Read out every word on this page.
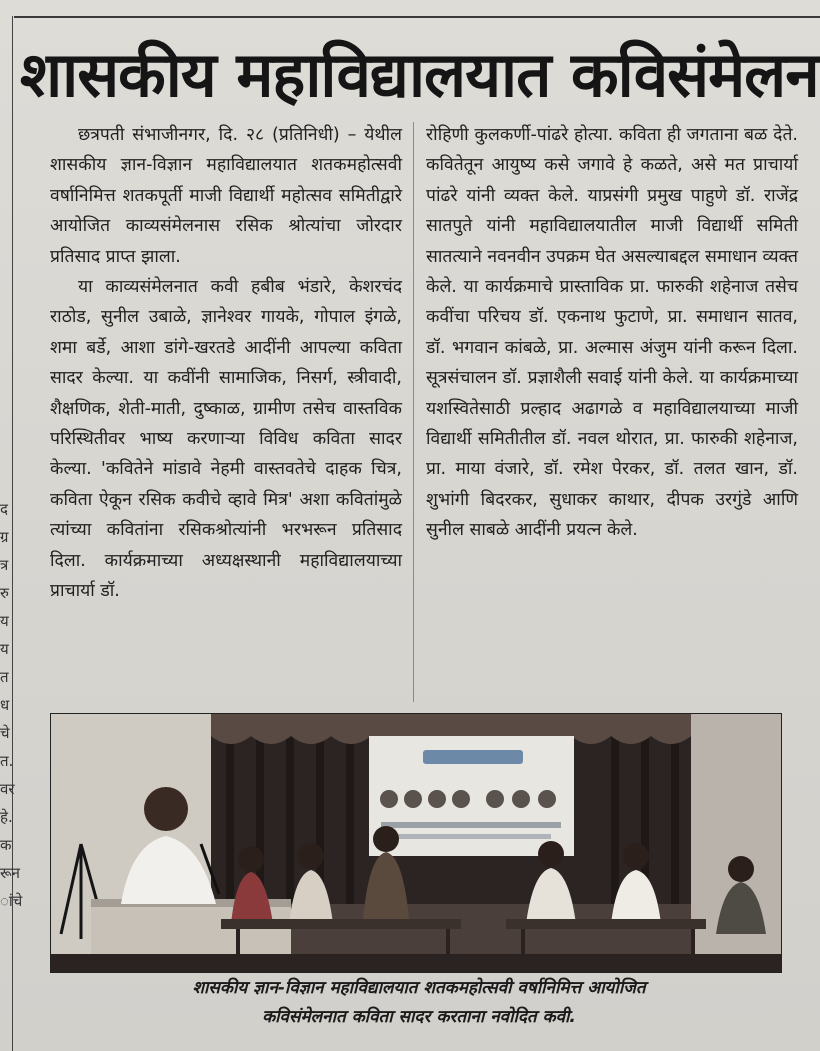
शासकीय महाविद्यालयात कविसंमेलन

छत्रपती संभाजीनगर, दि. २८ (प्रतिनिधी) – येथील शासकीय ज्ञान-विज्ञान महाविद्यालयात शतकमहोत्सवी वर्षानिमित्त शतकपूर्ती माजी विद्यार्थी महोत्सव समितीद्वारे आयोजित काव्यसंमेलनास रसिक श्रोत्यांचा जोरदार प्रतिसाद प्राप्त झाला.

या काव्यसंमेलनात कवी हबीब भंडारे, केशरचंद राठोड, सुनील उबाळे, ज्ञानेश्वर गायके, गोपाल इंगळे, शमा बर्डे, आशा डांगे-खरतडे आदींनी आपल्या कविता सादर केल्या. या कवींनी सामाजिक, निसर्ग, स्त्रीवादी, शैक्षणिक, शेती-माती, दुष्काळ, ग्रामीण तसेच वास्तविक परिस्थितीवर भाष्य करणाऱ्या विविध कविता सादर केल्या. 'कवितेने मांडावे नेहमी वास्तवतेचे दाहक चित्र, कविता ऐकून रसिक कवीचे व्हावे मित्र' अशा कवितांमुळे त्यांच्या कवितांना रसिकश्रोत्यांनी भरभरून प्रतिसाद दिला. कार्यक्रमाच्या अध्यक्षस्थानी महाविद्यालयाच्या प्राचार्या डॉ.

रोहिणी कुलकर्णी-पांढरे होत्या. कविता ही जगताना बळ देते. कवितेतून आयुष्य कसे जगावे हे कळते, असे मत प्राचार्या पांढरे यांनी व्यक्त केले. याप्रसंगी प्रमुख पाहुणे डॉ. राजेंद्र सातपुते यांनी महाविद्यालयातील माजी विद्यार्थी समिती सातत्याने नवनवीन उपक्रम घेत असल्याबद्दल समाधान व्यक्त केले. या कार्यक्रमाचे प्रास्ताविक प्रा. फारुकी शहेनाज तसेच कवींचा परिचय डॉ. एकनाथ फुटाणे, प्रा. समाधान सातव, डॉ. भगवान कांबळे, प्रा. अल्मास अंजुम यांनी करून दिला. सूत्रसंचालन डॉ. प्रज्ञाशैली सवाई यांनी केले. या कार्यक्रमाच्या यशस्वितेसाठी प्रल्हाद अढागळे व महाविद्यालयाच्या माजी विद्यार्थी समितीतील डॉ. नवल थोरात, प्रा. फारुकी शहेनाज, प्रा. माया वंजारे, डॉ. रमेश पेरकर, डॉ. तलत खान, डॉ. शुभांगी बिदरकर, सुधाकर काथार, दीपक उरगुंडे आणि सुनील साबळे आदींनी प्रयत्न केले.

द
ग्र
त्र
रु
य
य
त
ध
चे
त.
वर
हे.
क
रून
ांचे
शासकीय ज्ञान-विज्ञान महाविद्यालयात शतकमहोत्सवी वर्षानिमित्त आयोजित
कविसंमेलनात कविता सादर करताना नवोदित कवी.
